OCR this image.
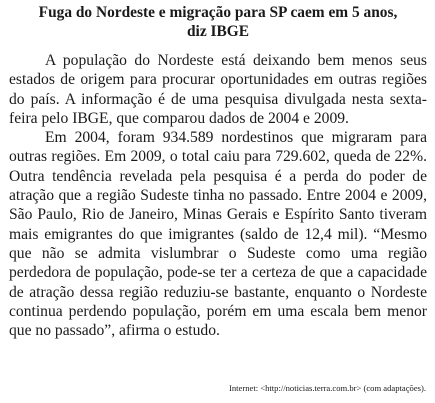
Fuga do Nordeste e migração para SP caem em 5 anos,
diz IBGE

A população do Nordeste está deixando bem menos seus estados de origem para procurar oportunidades em outras regiões do país. A informação é de uma pesquisa divulgada nesta sexta-feira pelo IBGE, que comparou dados de 2004 e 2009.

Em 2004, foram 934.589 nordestinos que migraram para outras regiões. Em 2009, o total caiu para 729.602, queda de 22%. Outra tendência revelada pela pesquisa é a perda do poder de atração que a região Sudeste tinha no passado. Entre 2004 e 2009, São Paulo, Rio de Janeiro, Minas Gerais e Espírito Santo tiveram mais emigrantes do que imigrantes (saldo de 12,4 mil). “Mesmo que não se admita vislumbrar o Sudeste como uma região perdedora de população, pode-se ter a certeza de que a capacidade de atração dessa região reduziu-se bastante, enquanto o Nordeste continua perdendo população, porém em uma escala bem menor que no passado”, afirma o estudo.

Internet: <http://noticias.terra.com.br> (com adaptações).
